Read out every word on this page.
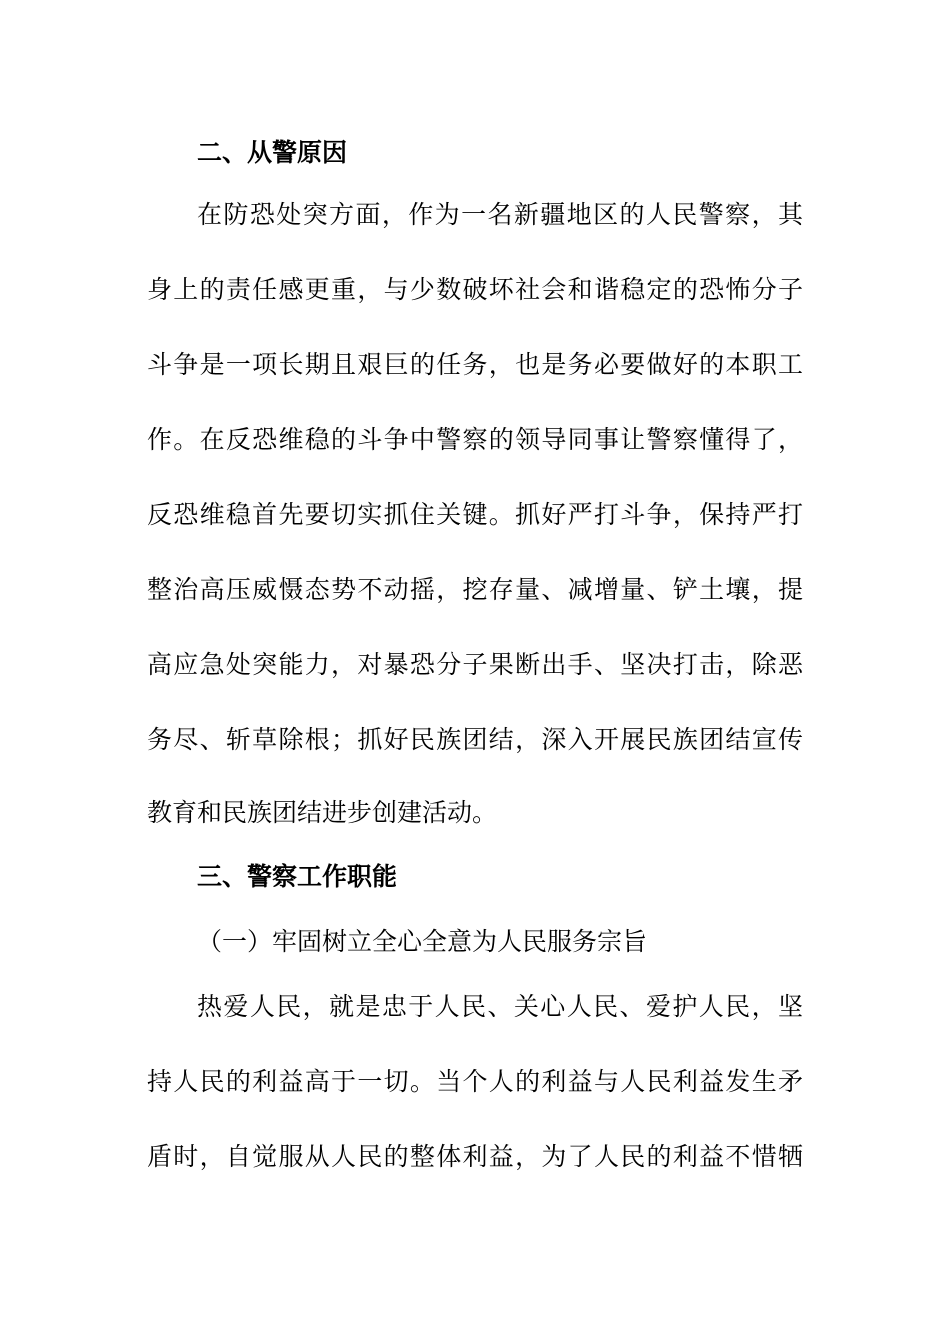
二、从警原因
在防恐处突方面，作为一名新疆地区的人民警察，其
身上的责任感更重，与少数破坏社会和谐稳定的恐怖分子
斗争是一项长期且艰巨的任务，也是务必要做好的本职工
作。在反恐维稳的斗争中警察的领导同事让警察懂得了，
反恐维稳首先要切实抓住关键。抓好严打斗争，保持严打
整治高压威慑态势不动摇，挖存量、减增量、铲土壤，提
高应急处突能力，对暴恐分子果断出手、坚决打击，除恶
务尽、斩草除根；抓好民族团结，深入开展民族团结宣传
教育和民族团结进步创建活动。
三、警察工作职能
（一）牢固树立全心全意为人民服务宗旨
热爱人民，就是忠于人民、关心人民、爱护人民，坚
持人民的利益高于一切。当个人的利益与人民利益发生矛
盾时，自觉服从人民的整体利益，为了人民的利益不惜牺
